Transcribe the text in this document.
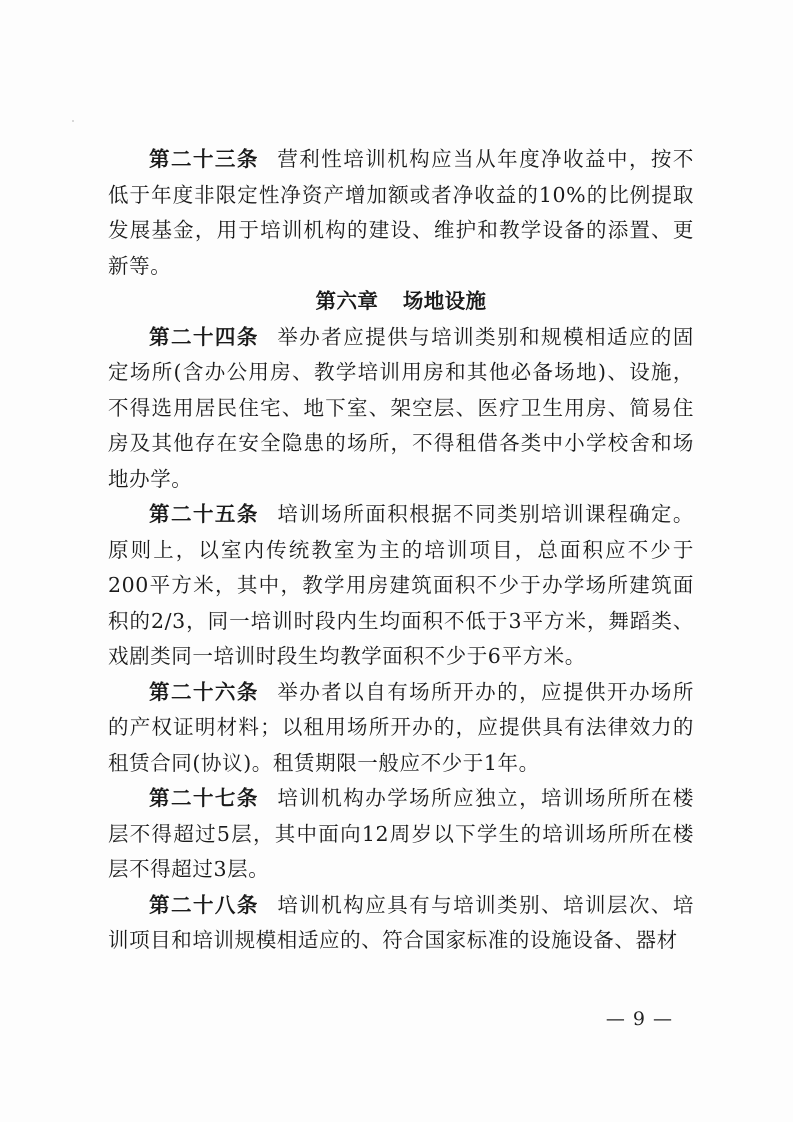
第二十三条 营利性培训机构应当从年度净收益中，按不低于年度非限定性净资产增加额或者净收益的10%的比例提取发展基金，用于培训机构的建设、维护和教学设备的添置、更新等。

第六章 场地设施

第二十四条 举办者应提供与培训类别和规模相适应的固定场所(含办公用房、教学培训用房和其他必备场地)、设施，不得选用居民住宅、地下室、架空层、医疗卫生用房、简易住房及其他存在安全隐患的场所，不得租借各类中小学校舍和场地办学。

第二十五条 培训场所面积根据不同类别培训课程确定。原则上，以室内传统教室为主的培训项目，总面积应不少于200平方米，其中，教学用房建筑面积不少于办学场所建筑面积的2/3，同一培训时段内生均面积不低于3平方米，舞蹈类、戏剧类同一培训时段生均教学面积不少于6平方米。

第二十六条 举办者以自有场所开办的，应提供开办场所的产权证明材料；以租用场所开办的，应提供具有法律效力的租赁合同(协议)。租赁期限一般应不少于1年。

第二十七条 培训机构办学场所应独立，培训场所所在楼层不得超过5层，其中面向12周岁以下学生的培训场所所在楼层不得超过3层。

第二十八条 培训机构应具有与培训类别、培训层次、培训项目和培训规模相适应的、符合国家标准的设施设备、器材

— 9 —
